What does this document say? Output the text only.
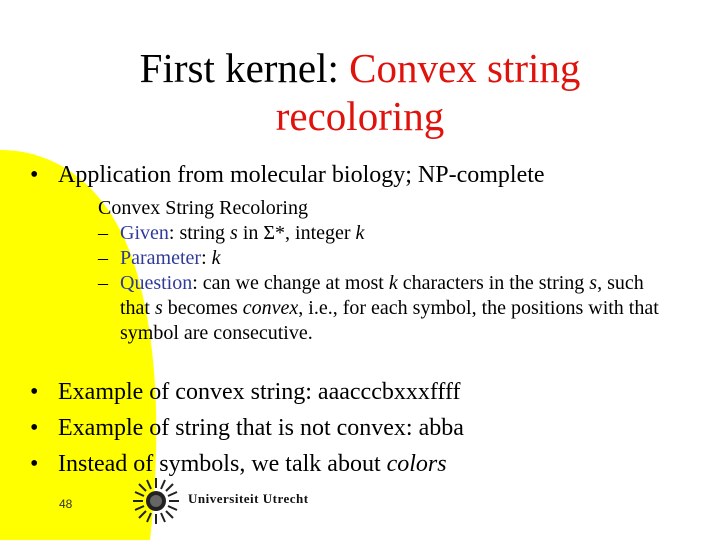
First kernel: Convex string recoloring
• Application from molecular biology; NP-complete
Convex String Recoloring
– Given: string s in Σ*, integer k
– Parameter: k
– Question: can we change at most k characters in the string s, such that s becomes convex, i.e., for each symbol, the positions with that symbol are consecutive.
• Example of convex string: aaacccbxxxffff
• Example of string that is not convex: abba
• Instead of symbols, we talk about colors
48	Universiteit Utrecht
